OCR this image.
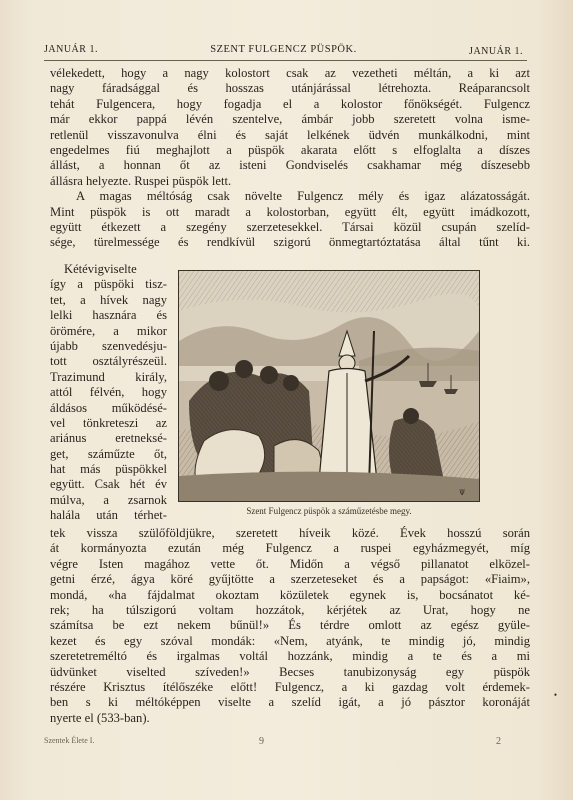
JANUÁR 1.	SZENT FULGENCZ PÜSPÖK.	JANUÁR 1.
vélekedett, hogy a nagy kolostort csak az vezetheti méltán, a ki azt
nagy fáradsággal és hosszas utánjárással létrehozta. Reáparancsolt
tehát Fulgencera, hogy fogadja el a kolostor főnökségét. Fulgencz
már ekkor pappá lévén szentelve, ámbár jobb szeretett volna isme-
retlenül visszavonulva élni és saját lelkének üdvén munkálkodni, mint
engedelmes fiú meghajlott a püspök akarata előtt s elfoglalta a díszes
állást, a honnan őt az isteni Gondviselés csakhamar még díszesebb
állásra helyezte. Ruspei püspök lett.
A magas méltóság csak növelte Fulgencz mély és igaz alázatosságát.
Mint püspök is ott maradt a kolostorban, együtt élt, együtt imádkozott,
együtt étkezett a szegény szerzetesekkel. Társai közül csupán szelíd-
sége, türelmessége és rendkívül szigorú önmegtartóztatása által tűnt ki.
Kétévigviselte
így a püspöki tisz-
tet, a hívek nagy
lelki hasznára és
örömére, a mikor
újabb szenvedésju-
tott osztályrészeül.
Trazimund király,
attól félvén, hogy
áldásos működésé-
vel tönkreteszi az
ariánus eretneksé-
get, száműzte őt,
hat más püspökkel
együtt. Csak hét év
múlva, a zsarnok
halála után térhet-
Ψ
Szent Fulgencz püspök a száműzetésbe megy.
tek vissza szülőföldjükre, szeretett híveik közé. Évek hosszú során
át kormányozta ezután még Fulgencz a ruspei egyházmegyét, míg
végre Isten magához vette őt. Midőn a végső pillanatot elközel-
getni érzé, ágya köré gyűjtötte a szerzeteseket és a papságot: «Fiaim»,
mondá, «ha fájdalmat okoztam közületek egynek is, bocsánatot ké-
rek; ha túlszigorú voltam hozzátok, kérjétek az Urat, hogy ne
számítsa be ezt nekem bűnül!» És térdre omlott az egész gyüle-
kezet és egy szóval mondák: «Nem, atyánk, te mindig jó, mindig
szeretetreméltó és irgalmas voltál hozzánk, mindig a te és a mi
üdvünket viselted szíveden!» Becses tanubizonyság egy püspök
részére Krisztus ítélőszéke előtt! Fulgencz, a ki gazdag volt érdemek-
ben s ki méltóképpen viselte a szelíd igát, a jó pásztor koronáját
nyerte el (533-ban).
•
Szentek Élete I.	9	2
